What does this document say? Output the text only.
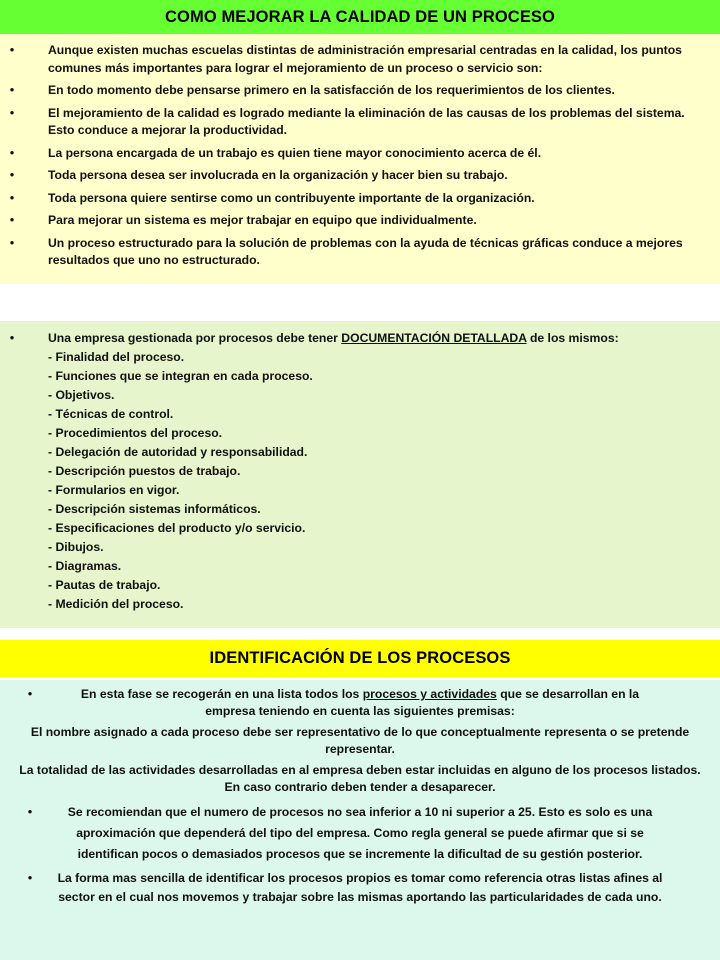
COMO MEJORAR LA CALIDAD DE UN PROCESO
•	Aunque existen muchas escuelas distintas de administración empresarial centradas en la calidad, los puntos comunes más importantes para lograr el mejoramiento de un proceso o servicio son:
•	En todo momento debe pensarse primero en la satisfacción de los requerimientos de los clientes.
•	El mejoramiento de la calidad es logrado mediante la eliminación de las causas de los problemas del sistema. Esto conduce a mejorar la productividad.
•	La persona encargada de un trabajo es quien tiene mayor conocimiento acerca de él.
•	Toda persona desea ser involucrada en la organización y hacer bien su trabajo.
•	Toda persona quiere sentirse como un contribuyente importante de la organización.
•	Para mejorar un sistema es mejor trabajar en equipo que individualmente.
•	Un proceso estructurado para la solución de problemas con la ayuda de técnicas gráficas conduce a mejores resultados que uno no estructurado.
•	Una empresa gestionada por procesos debe tener DOCUMENTACIÓN DETALLADA de los mismos:
- Finalidad del proceso.
- Funciones que se integran en cada proceso.
- Objetivos.
- Técnicas de control.
- Procedimientos del proceso.
- Delegación de autoridad y responsabilidad.
- Descripción puestos de trabajo.
- Formularios en vigor.
- Descripción sistemas informáticos.
- Especificaciones del producto y/o servicio.
- Dibujos.
- Diagramas.
- Pautas de trabajo.
- Medición del proceso.
IDENTIFICACIÓN DE LOS PROCESOS
•	En esta fase se recogerán en una lista todos los procesos y actividades que se desarrollan en la empresa teniendo en cuenta las siguientes premisas:
El nombre asignado a cada proceso debe ser representativo de lo que conceptualmente representa o se pretende representar.
La totalidad de las actividades desarrolladas en al empresa deben estar incluidas en alguno de los procesos listados. En caso contrario deben tender a desaparecer.
•	Se recomiendan que el numero de procesos no sea inferior a 10 ni superior a 25. Esto es solo es una aproximación que dependerá del tipo del empresa. Como regla general se puede afirmar que si se identifican pocos o demasiados procesos que se incremente la dificultad de su gestión posterior.
• La forma mas sencilla de identificar los procesos propios es tomar como referencia otras listas afines al sector en el cual nos movemos y trabajar sobre las mismas aportando las particularidades de cada uno.
